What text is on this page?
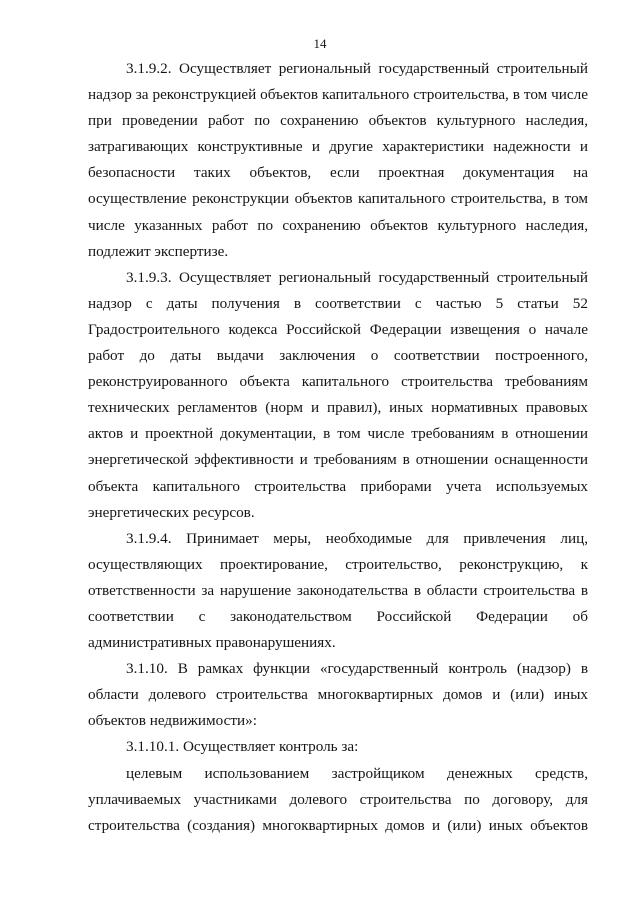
14

3.1.9.2. Осуществляет региональный государственный строительный надзор за реконструкцией объектов капитального строительства, в том числе при проведении работ по сохранению объектов культурного наследия, затрагивающих конструктивные и другие характеристики надежности и безопасности таких объектов, если проектная документация на осуществление реконструкции объектов капитального строительства, в том числе указанных работ по сохранению объектов культурного наследия, подлежит экспертизе.

3.1.9.3. Осуществляет региональный государственный строительный надзор с даты получения в соответствии с частью 5 статьи 52 Градостроительного кодекса Российской Федерации извещения о начале работ до даты выдачи заключения о соответствии построенного, реконструированного объекта капитального строительства требованиям технических регламентов (норм и правил), иных нормативных правовых актов и проектной документации, в том числе требованиям в отношении энергетической эффективности и требованиям в отношении оснащенности объекта капитального строительства приборами учета используемых энергетических ресурсов.

3.1.9.4. Принимает меры, необходимые для привлечения лиц, осуществляющих проектирование, строительство, реконструкцию, к ответственности за нарушение законодательства в области строительства в соответствии с законодательством Российской Федерации об административных правонарушениях.

3.1.10. В рамках функции «государственный контроль (надзор) в области долевого строительства многоквартирных домов и (или) иных объектов недвижимости»:

3.1.10.1. Осуществляет контроль за:

целевым использованием застройщиком денежных средств, уплачиваемых участниками долевого строительства по договору, для строительства (создания) многоквартирных домов и (или) иных объектов
